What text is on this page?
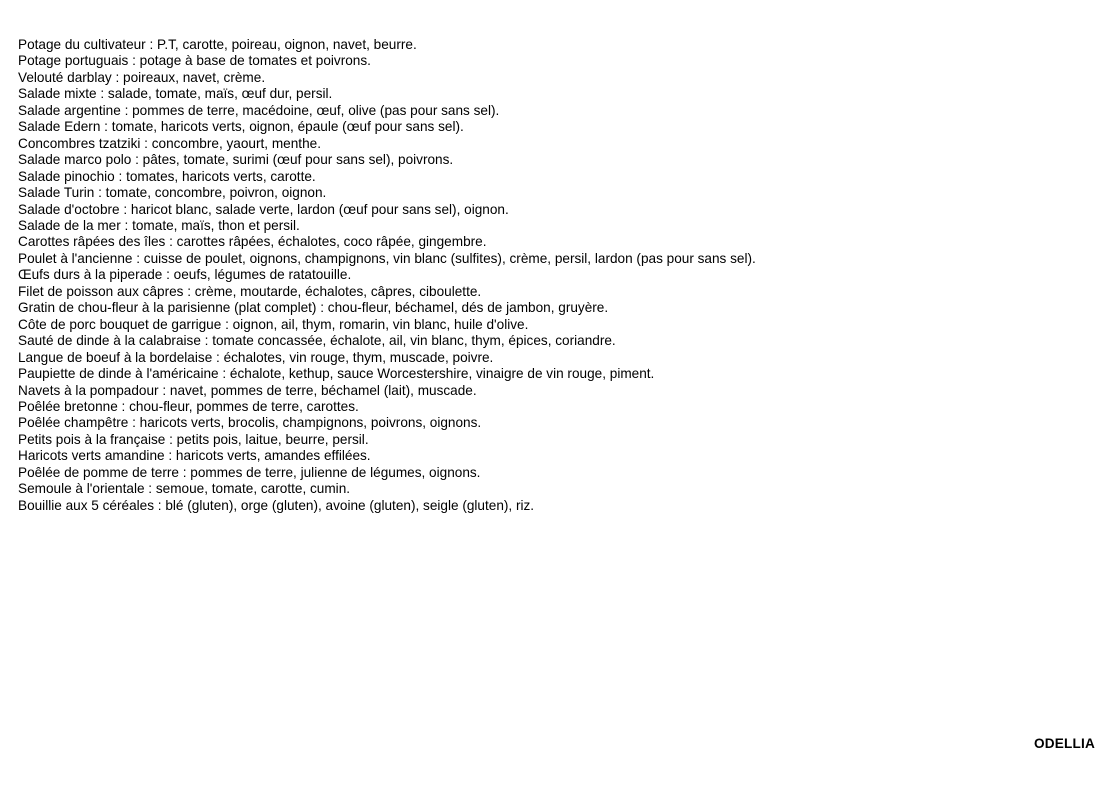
Potage du cultivateur : P.T, carotte, poireau, oignon, navet, beurre.
Potage portuguais : potage à base de tomates et poivrons.
Velouté darblay : poireaux, navet, crème.
Salade mixte : salade, tomate, maïs, œuf dur, persil.
Salade argentine : pommes de terre, macédoine, œuf, olive (pas pour sans sel).
Salade Edern : tomate, haricots verts, oignon, épaule (œuf pour sans sel).
Concombres tzatziki : concombre, yaourt, menthe.
Salade marco polo : pâtes, tomate, surimi (œuf pour sans sel), poivrons.
Salade pinochio : tomates, haricots verts, carotte.
Salade Turin : tomate, concombre, poivron, oignon.
Salade d'octobre : haricot blanc, salade verte, lardon (œuf pour sans sel), oignon.
Salade de la mer : tomate, maïs, thon et persil.
Carottes râpées des îles : carottes râpées, échalotes, coco râpée, gingembre.
Poulet à l'ancienne : cuisse de poulet, oignons, champignons, vin blanc (sulfites), crème, persil, lardon (pas pour sans sel).
Œufs durs à la piperade : oeufs, légumes de ratatouille.
Filet de poisson aux câpres : crème, moutarde, échalotes, câpres, ciboulette.
Gratin de chou-fleur à la parisienne (plat complet) : chou-fleur, béchamel, dés de jambon, gruyère.
Côte de porc bouquet de garrigue : oignon, ail, thym, romarin, vin blanc, huile d'olive.
Sauté de dinde à la calabraise : tomate concassée, échalote, ail, vin blanc, thym, épices, coriandre.
Langue de boeuf à la bordelaise : échalotes, vin rouge, thym, muscade, poivre.
Paupiette de dinde à l'américaine : échalote, kethup, sauce Worcestershire, vinaigre de vin rouge, piment.
Navets à la pompadour : navet, pommes de terre, béchamel (lait), muscade.
Poêlée bretonne : chou-fleur, pommes de terre, carottes.
Poêlée champêtre : haricots verts, brocolis, champignons, poivrons, oignons.
Petits pois à la française : petits pois, laitue, beurre, persil.
Haricots verts amandine : haricots verts, amandes effilées.
Poêlée de pomme de terre : pommes de terre, julienne de légumes, oignons.
Semoule à l'orientale : semoue, tomate, carotte, cumin.
Bouillie aux 5 céréales : blé (gluten), orge (gluten), avoine (gluten), seigle (gluten), riz.
ODELLIA
